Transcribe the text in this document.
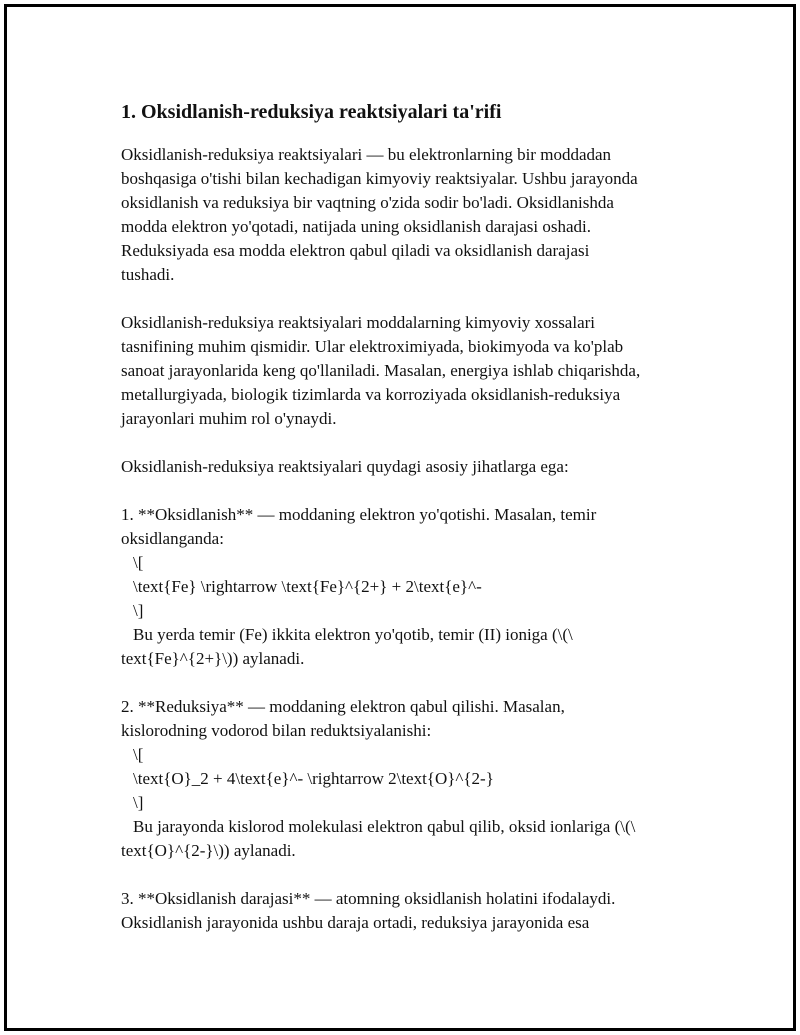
1. Oksidlanish-reduksiya reaktsiyalari ta'rifi

Oksidlanish-reduksiya reaktsiyalari — bu elektronlarning bir moddadan

boshqasiga o'tishi bilan kechadigan kimyoviy reaktsiyalar. Ushbu jarayonda

oksidlanish va reduksiya bir vaqtning o'zida sodir bo'ladi. Oksidlanishda

modda elektron yo'qotadi, natijada uning oksidlanish darajasi oshadi.

Reduksiyada esa modda elektron qabul qiladi va oksidlanish darajasi

tushadi.

Oksidlanish-reduksiya reaktsiyalari moddalarning kimyoviy xossalari

tasnifining muhim qismidir. Ular elektroximiyada, biokimyoda va ko'plab

sanoat jarayonlarida keng qo'llaniladi. Masalan, energiya ishlab chiqarishda,

metallurgiyada, biologik tizimlarda va korroziyada oksidlanish-reduksiya

jarayonlari muhim rol o'ynaydi.

Oksidlanish-reduksiya reaktsiyalari quydagi asosiy jihatlarga ega:

1. **Oksidlanish** — moddaning elektron yo'qotishi. Masalan, temir

oksidlanganda:

\[

\text{Fe} \rightarrow \text{Fe}^{2+} + 2\text{e}^-

\]

Bu yerda temir (Fe) ikkita elektron yo'qotib, temir (II) ioniga (\(\

text{Fe}^{2+}\)) aylanadi.

2. **Reduksiya** — moddaning elektron qabul qilishi. Masalan,

kislorodning vodorod bilan reduktsiyalanishi:

\[

\text{O}_2 + 4\text{e}^- \rightarrow 2\text{O}^{2-}

\]

Bu jarayonda kislorod molekulasi elektron qabul qilib, oksid ionlariga (\(\

text{O}^{2-}\)) aylanadi.

3. **Oksidlanish darajasi** — atomning oksidlanish holatini ifodalaydi.

Oksidlanish jarayonida ushbu daraja ortadi, reduksiya jarayonida esa
